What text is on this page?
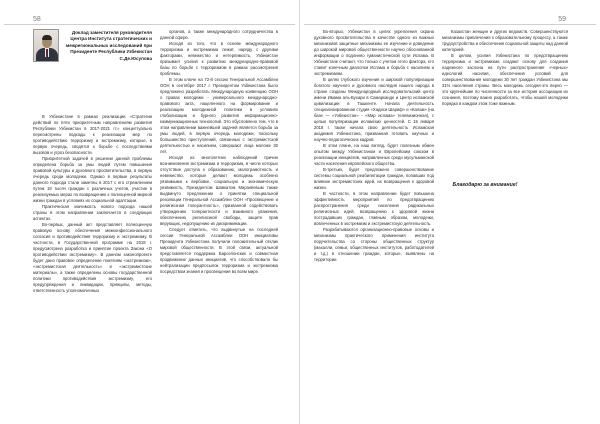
58
Доклад заместителя руководителя Центра Института стратегических и межрегиональных исследований при Президенте Республики Узбекистан С.Де.Юсупова

В Узбекистане в рамках реализации «Стратегии действий по пяти приоритетным направлениям развития Республики Узбекистан в 2017-2021 гг.» концептуально пересмотрены подходы к реализации мер по противодействию терроризму и экстремизму, которые, в первую очередь, сводятся к борьбе с последствиями вызовов и угроз безопасности.

Приоритетной задачей в решении данной проблемы определена борьба за умы людей путем повышения правовой культуры и духовного просветительства, в первую очередь среди молодежи. Однако в первые результаты данного подхода стали заметны в 2017 с его стремлением путем 18 тысяч граждан с различных учетов, участие в реализуемых мерах по возвращению к полноценной мирной жизни граждан в условиях их социальной адаптации.

Практическая значимость нового подхода нашей страны в этом направлении заключается в следующих аспектах.

Во-первых, данный акт представляет полноценную правовую основу обеспечения межконфессионального согласия и противодействия терроризму и экстремизму. В частности, в Государственной программе на 2018 г. предусмотрена разработка и принятие проекта Закона «О противодействии экстремизму». В данном законопроекте будет дано правовое определение понятиям «экстремизм», «экстремистская деятельность» и «экстремистские материалы», а также определены основы государственной политики противодействия экстремизму, его предупреждения и ликвидации, принципы, методы, ответственность уполномоченных

органов, а также международного сотрудничества в данной сфере.

Исходя из того, что в основе международного терроризма и экстремизма лежит, наряду с другими факторами, невежество и нетерпимость, Узбекистан призывает усилия к развитию международно-правовой базы по борьбе с терроризмом в рамках рассмотрения проблемы.

В этом ключе на 72-й сессии Генеральной Ассамблеи ООН в сентябре 2017 г. Президентом Узбекистана было предложено разработать Международную конвенцию ООН о правах молодежи - универсального международно-правового акта, нацеленного на формирование и реализацию молодежной политики в условиях глобализации и бурного развития информационно-коммуникационных технологий. Это обусловлено тем, что в этом направлении важнейшей задачей является борьба за умы людей, в первую очередь молодежи, поскольку большинство преступлений, связанных с экстремистской деятельностью и насилием, совершают лица моложе 30 лет.

Исходя из многолетних наблюдений причин возникновения экстремизма и терроризма, в числе которых отсутствие доступа к образованию, малограмотность и невежество, которые делают молодежь особенно уязвимыми к вербовке, социальную и экономическую уязвимость, Президентом Шавкатом Мирзиёевым также выдвинуто предложение о принятии специальной резолюции Генеральной Ассамблеи ООН «Просвещение и религиозная толерантность», призванной содействовать утверждению толерантности и взаимного уважения, обеспечению религиозной свободы, защите прав верующих, недопущению их дискриминации.

Следует отметить, что выдвинутые на последней сессии Генеральной Ассамблеи ООН инициативы Президента Узбекистана получили положительный отклик мировой общественности. В этой связи, актуальной представляется поддержка Барселонских и совместная продвижение данных инициатив, что способствовало бы нейтрализации предпосылок терроризма и экстремизма посредством знания и просвещения во всем мире.

59

Во-вторых, Узбекистан в целях укрепления охрана духовного просветительства в качестве одного из важных механизмов защитные механизмы ее изучение и доведение до широкой мировой общественности научно обоснованной информации о подлинно гуманистической сути Ислама. В Узбекистане считают, что только с учетом этого фактора, кто ставит конечным диалогом Ислама и борьба с насилием и экстремизмом.

В целях глубокого изучения и широкой популяризации богатого научного и духовного наследия нашего народа в стране созданы Международный исследовательский центр имени Имама аль-Бухари в Самарканде и Центр исламской цивилизации в Ташкенте. Начала деятельность специализированная студия «Хадиси Шариф» и «Калам» (на базе — «Узбекистан» - «Мир ислама» телевизионная), с целью популяризации исламских ценностей. С 15 января 2018 г. также начала свою деятельность Исламская академия Узбекистана, призванная готовить научных и научно-педагогических кадров.

В этом плане, на наш взгляд, будет полезным обмен опытом между Узбекистаном и Европейским союзом в реализации инициатив, направленных среди мусульманской части населения европейского общества.

В-третьих, будет предложено совершенствование системы социальной реабилитации граждан, попавших под влияние экстремистских идей, их возвращения к здоровой жизни.

В частности, в этом направлении будет повышена эффективность мероприятий по предотвращению распространения среди населения радикальных религиозных идей, возвращению к здоровой жизни пострадавших граждан, главным образом, молодежи, вовлеченных в экстремизм и экстремистскую деятельность.

Разрабатываются организационно-правовые основы и механизмы практического применения института поручительства со стороны общественных структур (махалли, семьи, общественных институтов, работодателей и т.д.) в отношении граждан, которые, выявлены на территории

Казахстан женщин и других ведомств. Совершенствуются механизмы привлечения к образовательному процессу, а также трудоустройства и обеспечения социальной защиты над данной категорией.

В целом, усилия Узбекистана по предотвращению терроризма и экстремизма создают основу для создания надежного заслона на пути распространения «черных» идеологий насилия, обеспечения условий для совершенствования молодежи 30 лет граждан Узбекистана мы 31% населения страны. Весь молодежь сегодня-это верно — это крупнейшие по численности за все история ассоциации их сознания, поэтому важно разработать, чтобы нашей молодежи порядка в каждом этом тоже важным.

Благодарю за внимание!
